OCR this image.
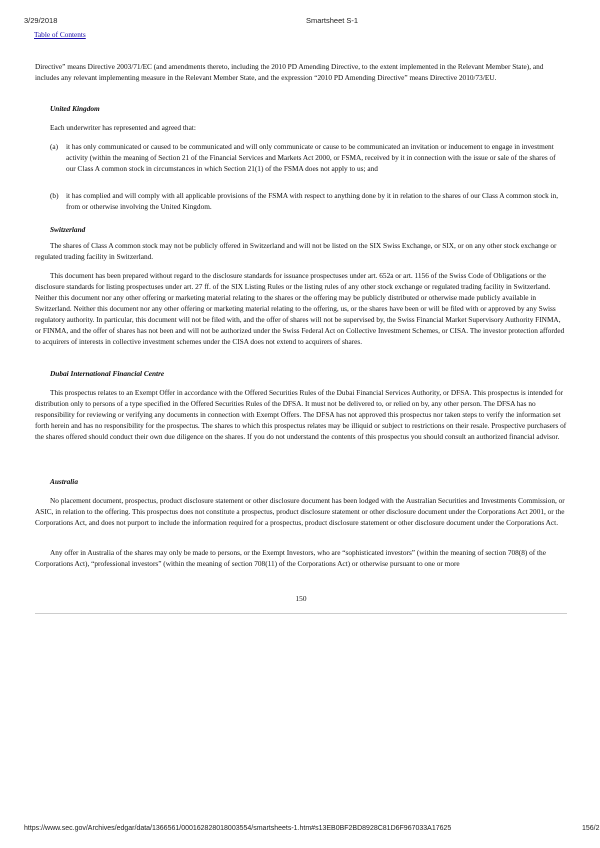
3/29/2018	Smartsheet S-1
Table of Contents
Directive” means Directive 2003/71/EC (and amendments thereto, including the 2010 PD Amending Directive, to the extent implemented in the Relevant Member State), and includes any relevant implementing measure in the Relevant Member State, and the expression “2010 PD Amending Directive” means Directive 2010/73/EU.
United Kingdom
Each underwriter has represented and agreed that:
(a)	it has only communicated or caused to be communicated and will only communicate or cause to be communicated an invitation or inducement to engage in investment activity (within the meaning of Section 21 of the Financial Services and Markets Act 2000, or FSMA, received by it in connection with the issue or sale of the shares of our Class A common stock in circumstances in which Section 21(1) of the FSMA does not apply to us; and
(b)	it has complied and will comply with all applicable provisions of the FSMA with respect to anything done by it in relation to the shares of our Class A common stock in, from or otherwise involving the United Kingdom.
Switzerland
The shares of Class A common stock may not be publicly offered in Switzerland and will not be listed on the SIX Swiss Exchange, or SIX, or on any other stock exchange or regulated trading facility in Switzerland.
This document has been prepared without regard to the disclosure standards for issuance prospectuses under art. 652a or art. 1156 of the Swiss Code of Obligations or the disclosure standards for listing prospectuses under art. 27 ff. of the SIX Listing Rules or the listing rules of any other stock exchange or regulated trading facility in Switzerland. Neither this document nor any other offering or marketing material relating to the shares or the offering may be publicly distributed or otherwise made publicly available in Switzerland. Neither this document nor any other offering or marketing material relating to the offering, us, or the shares have been or will be filed with or approved by any Swiss regulatory authority. In particular, this document will not be filed with, and the offer of shares will not be supervised by, the Swiss Financial Market Supervisory Authority FINMA, or FINMA, and the offer of shares has not been and will not be authorized under the Swiss Federal Act on Collective Investment Schemes, or CISA. The investor protection afforded to acquirers of interests in collective investment schemes under the CISA does not extend to acquirers of shares.
Dubai International Financial Centre
This prospectus relates to an Exempt Offer in accordance with the Offered Securities Rules of the Dubai Financial Services Authority, or DFSA. This prospectus is intended for distribution only to persons of a type specified in the Offered Securities Rules of the DFSA. It must not be delivered to, or relied on by, any other person. The DFSA has no responsibility for reviewing or verifying any documents in connection with Exempt Offers. The DFSA has not approved this prospectus nor taken steps to verify the information set forth herein and has no responsibility for the prospectus. The shares to which this prospectus relates may be illiquid or subject to restrictions on their resale. Prospective purchasers of the shares offered should conduct their own due diligence on the shares. If you do not understand the contents of this prospectus you should consult an authorized financial advisor.
Australia
No placement document, prospectus, product disclosure statement or other disclosure document has been lodged with the Australian Securities and Investments Commission, or ASIC, in relation to the offering. This prospectus does not constitute a prospectus, product disclosure statement or other disclosure document under the Corporations Act 2001, or the Corporations Act, and does not purport to include the information required for a prospectus, product disclosure statement or other disclosure document under the Corporations Act.
Any offer in Australia of the shares may only be made to persons, or the Exempt Investors, who are “sophisticated investors” (within the meaning of section 708(8) of the Corporations Act), “professional investors” (within the meaning of section 708(11) of the Corporations Act) or otherwise pursuant to one or more
150
https://www.sec.gov/Archives/edgar/data/1366561/000162828018003554/smartsheets-1.htm#s13EB0BF2BD8928C81D6F967033A17625	156/2
